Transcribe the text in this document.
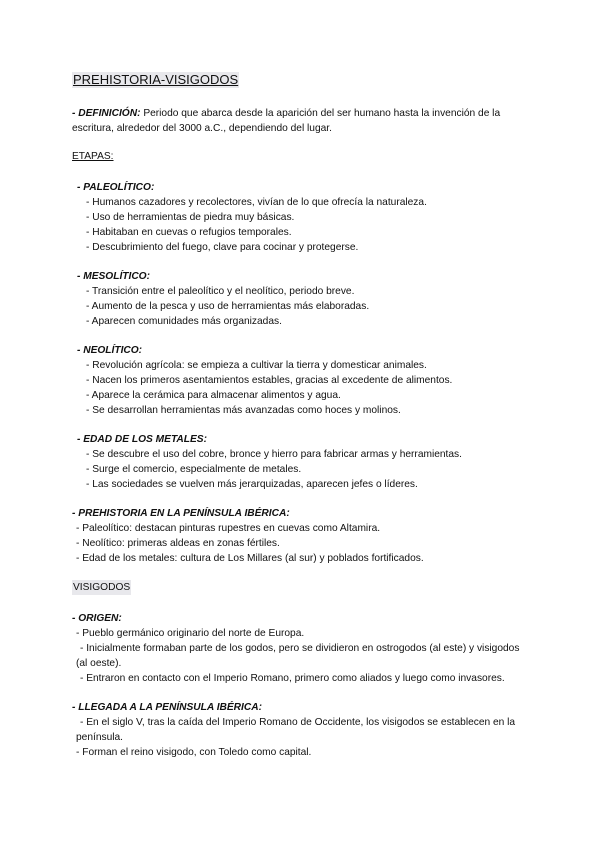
PREHISTORIA-VISIGODOS

- DEFINICIÓN: Periodo que abarca desde la aparición del ser humano hasta la invención de la escritura, alrededor del 3000 a.C., dependiendo del lugar.

ETAPAS:
- PALEOLÍTICO:
- Humanos cazadores y recolectores, vivían de lo que ofrecía la naturaleza.
- Uso de herramientas de piedra muy básicas.
- Habitaban en cuevas o refugios temporales.
- Descubrimiento del fuego, clave para cocinar y protegerse.
- MESOLÍTICO:
- Transición entre el paleolítico y el neolítico, periodo breve.
- Aumento de la pesca y uso de herramientas más elaboradas.
- Aparecen comunidades más organizadas.
- NEOLÍTICO:
- Revolución agrícola: se empieza a cultivar la tierra y domesticar animales.
- Nacen los primeros asentamientos estables, gracias al excedente de alimentos.
- Aparece la cerámica para almacenar alimentos y agua.
- Se desarrollan herramientas más avanzadas como hoces y molinos.
- EDAD DE LOS METALES:
- Se descubre el uso del cobre, bronce y hierro para fabricar armas y herramientas.
- Surge el comercio, especialmente de metales.
- Las sociedades se vuelven más jerarquizadas, aparecen jefes o líderes.
- PREHISTORIA EN LA PENÍNSULA IBÉRICA:
- Paleolítico: destacan pinturas rupestres en cuevas como Altamira.
- Neolítico: primeras aldeas en zonas fértiles.
- Edad de los metales: cultura de Los Millares (al sur) y poblados fortificados.
VISIGODOS
- ORIGEN:
- Pueblo germánico originario del norte de Europa.
- Inicialmente formaban parte de los godos, pero se dividieron en ostrogodos (al este) y visigodos (al oeste).
- Entraron en contacto con el Imperio Romano, primero como aliados y luego como invasores.
- LLEGADA A LA PENÍNSULA IBÉRICA:
- En el siglo V, tras la caída del Imperio Romano de Occidente, los visigodos se establecen en la península.
- Forman el reino visigodo, con Toledo como capital.
